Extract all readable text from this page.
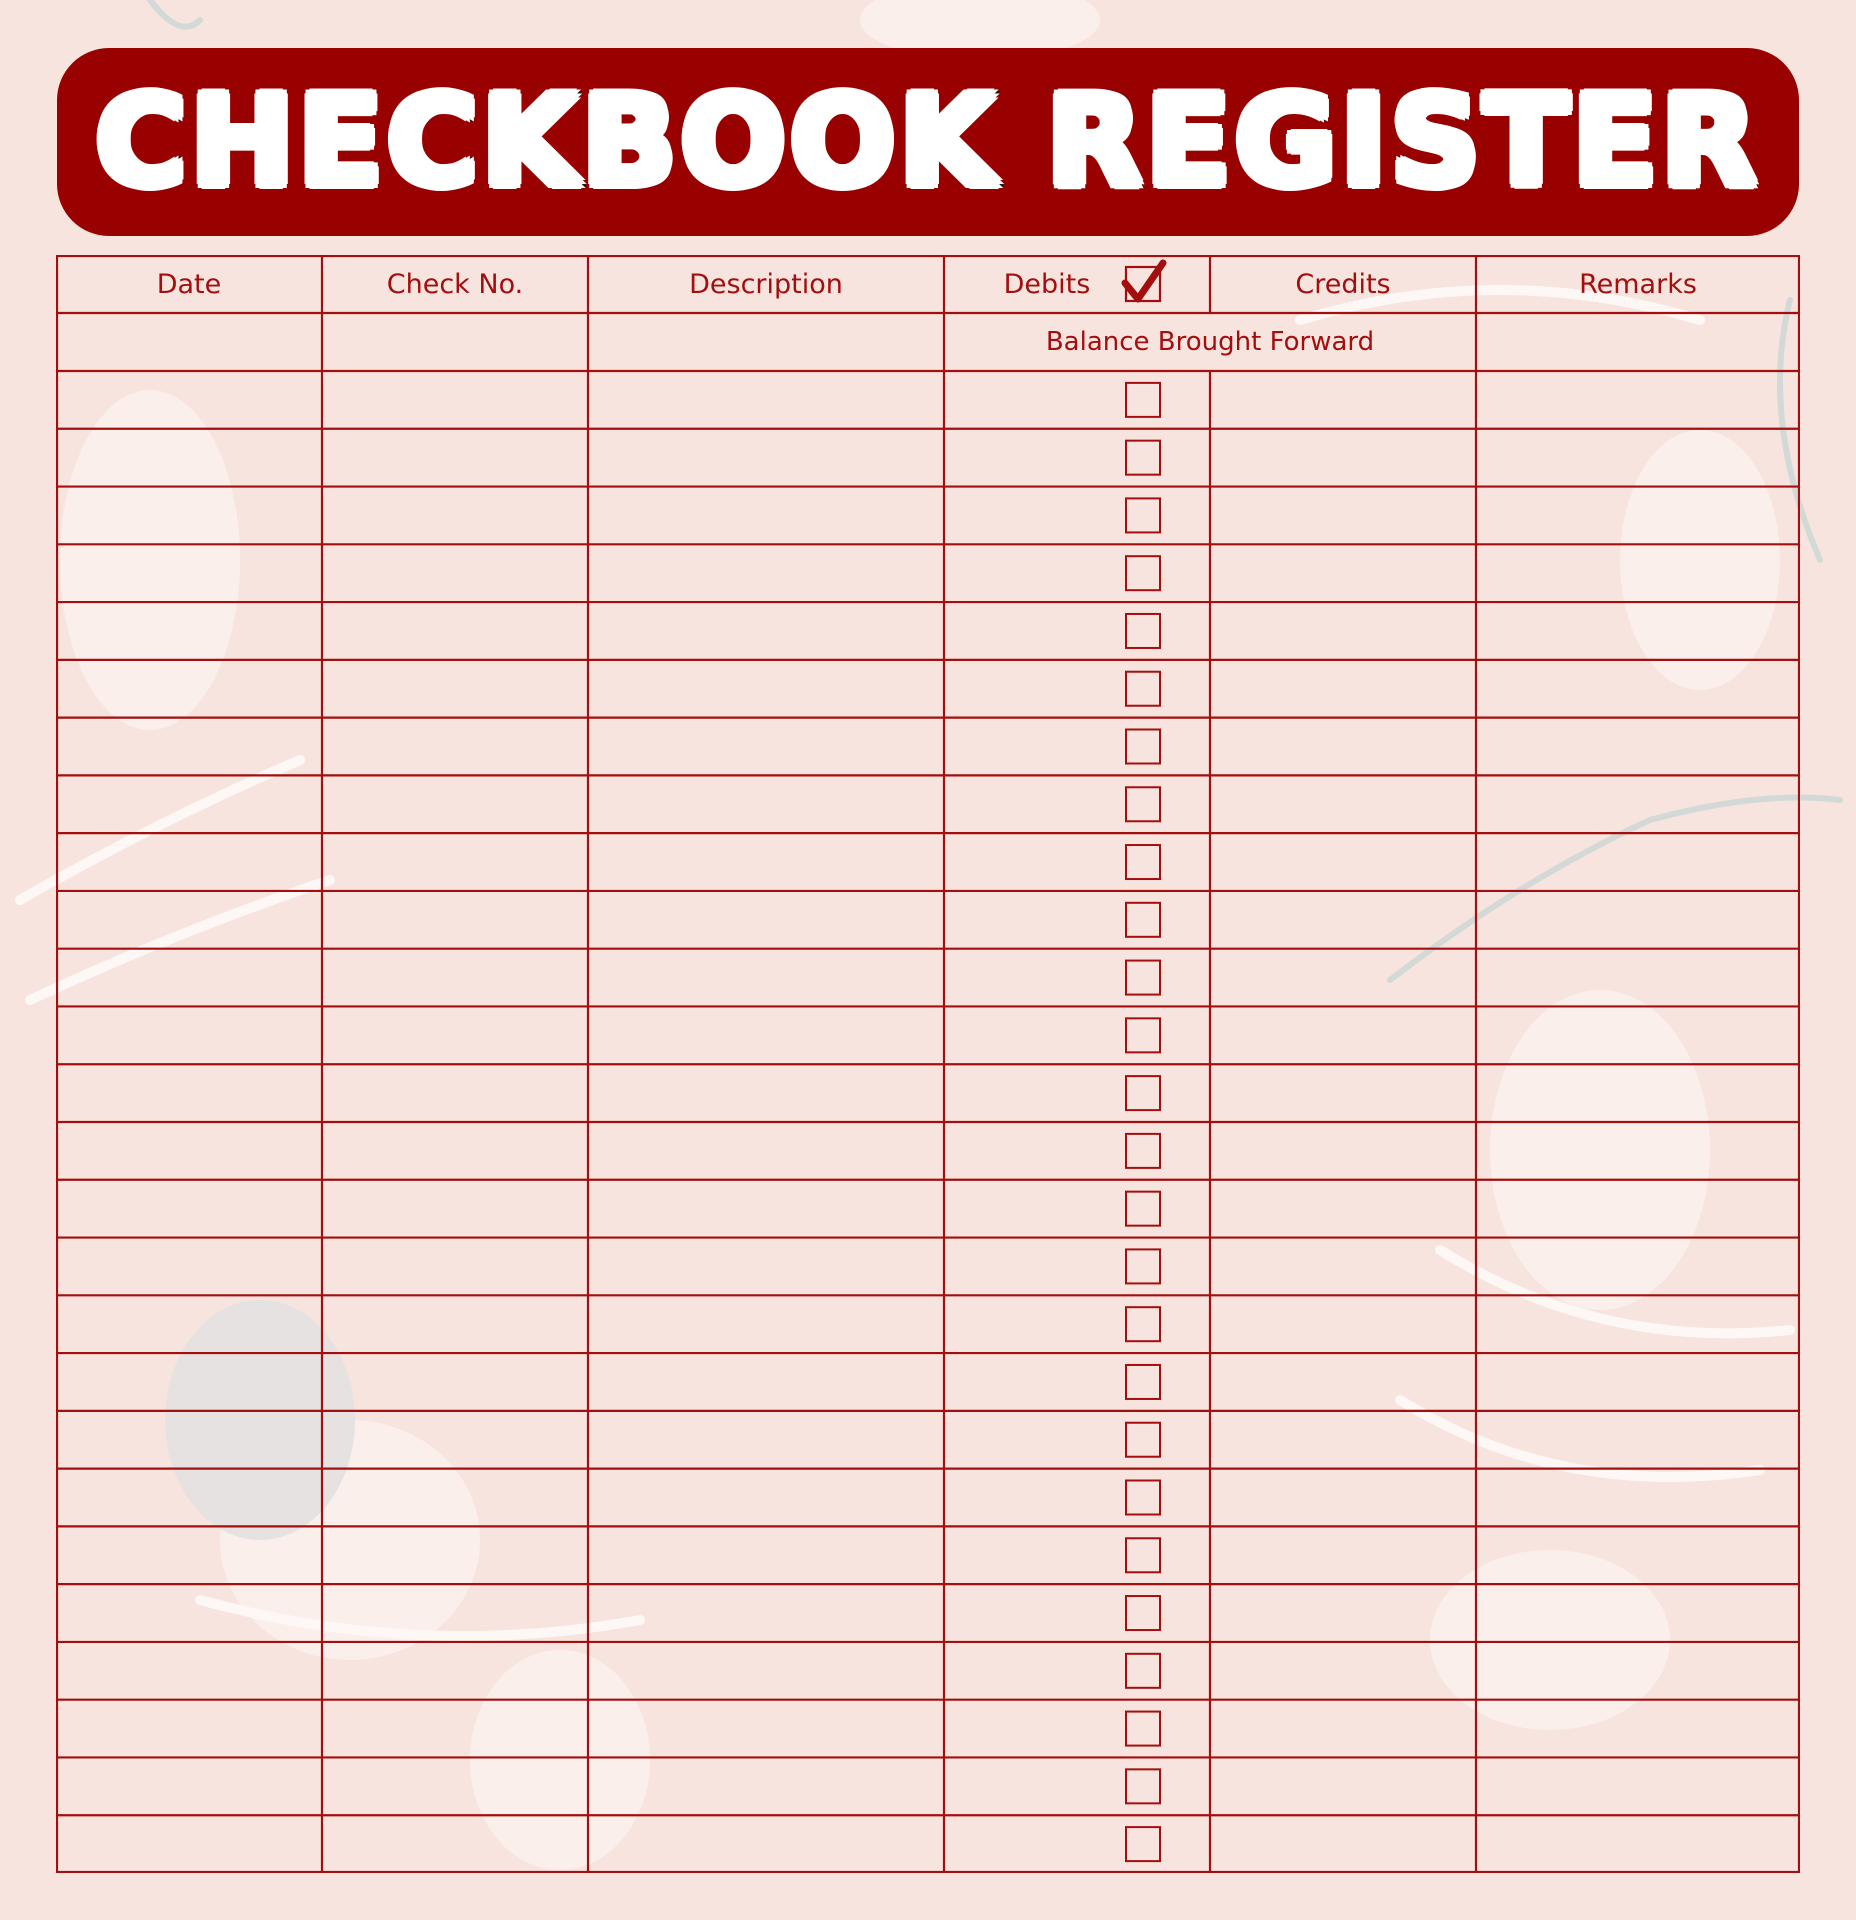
CHECKBOOK REGISTER
Date	Check No.	Description	Debits	Credits	Remarks
Balance Brought Forward
